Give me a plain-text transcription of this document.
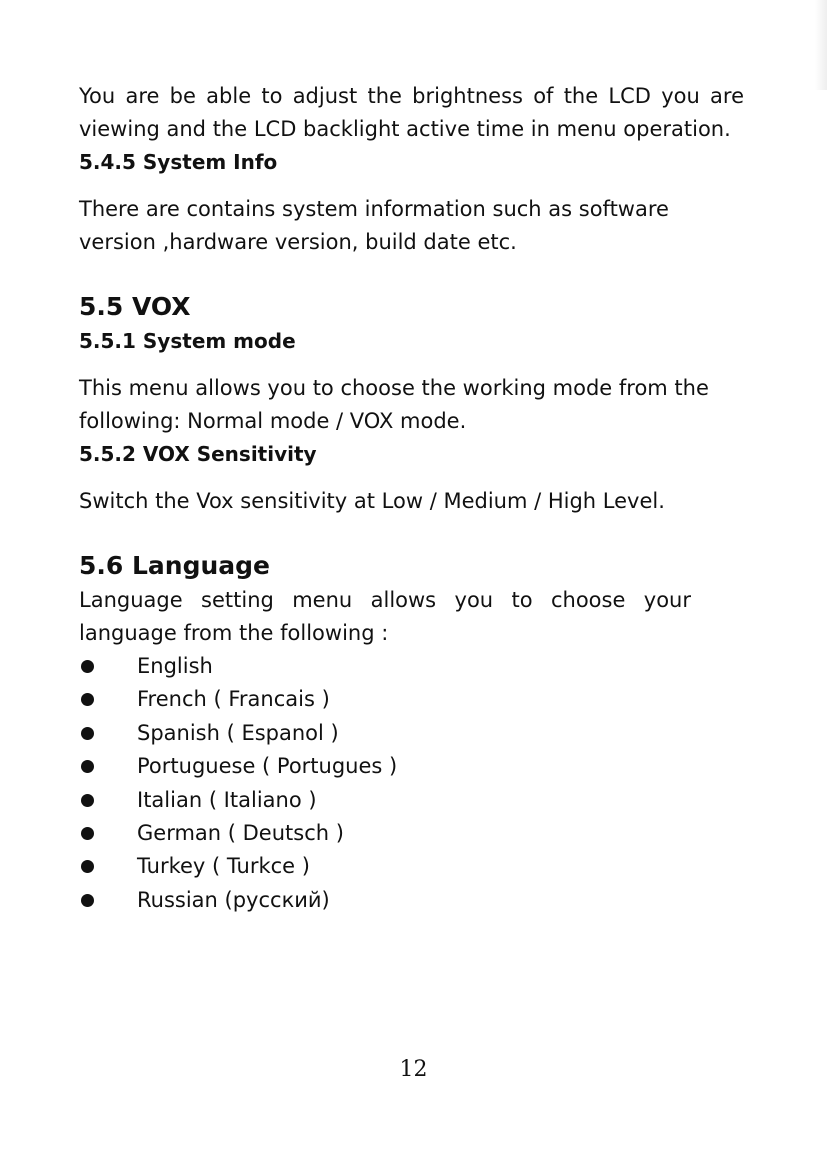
You are be able to adjust the brightness of the LCD you are viewing and the LCD backlight active time in menu operation.

5.4.5 System Info

There are contains system information such as software version ,hardware version, build date etc.

5.5 VOX
5.5.1 System mode

This menu allows you to choose the working mode from the following: Normal mode / VOX mode.

5.5.2 VOX Sensitivity

Switch the Vox sensitivity at Low / Medium / High Level.

5.6 Language

Language setting menu allows you to choose your language from the following :

English
French ( Francais )
Spanish ( Espanol )
Portuguese ( Portugues )
Italian ( Italiano )
German ( Deutsch )
Turkey ( Turkce )
Russian (русский)
12
